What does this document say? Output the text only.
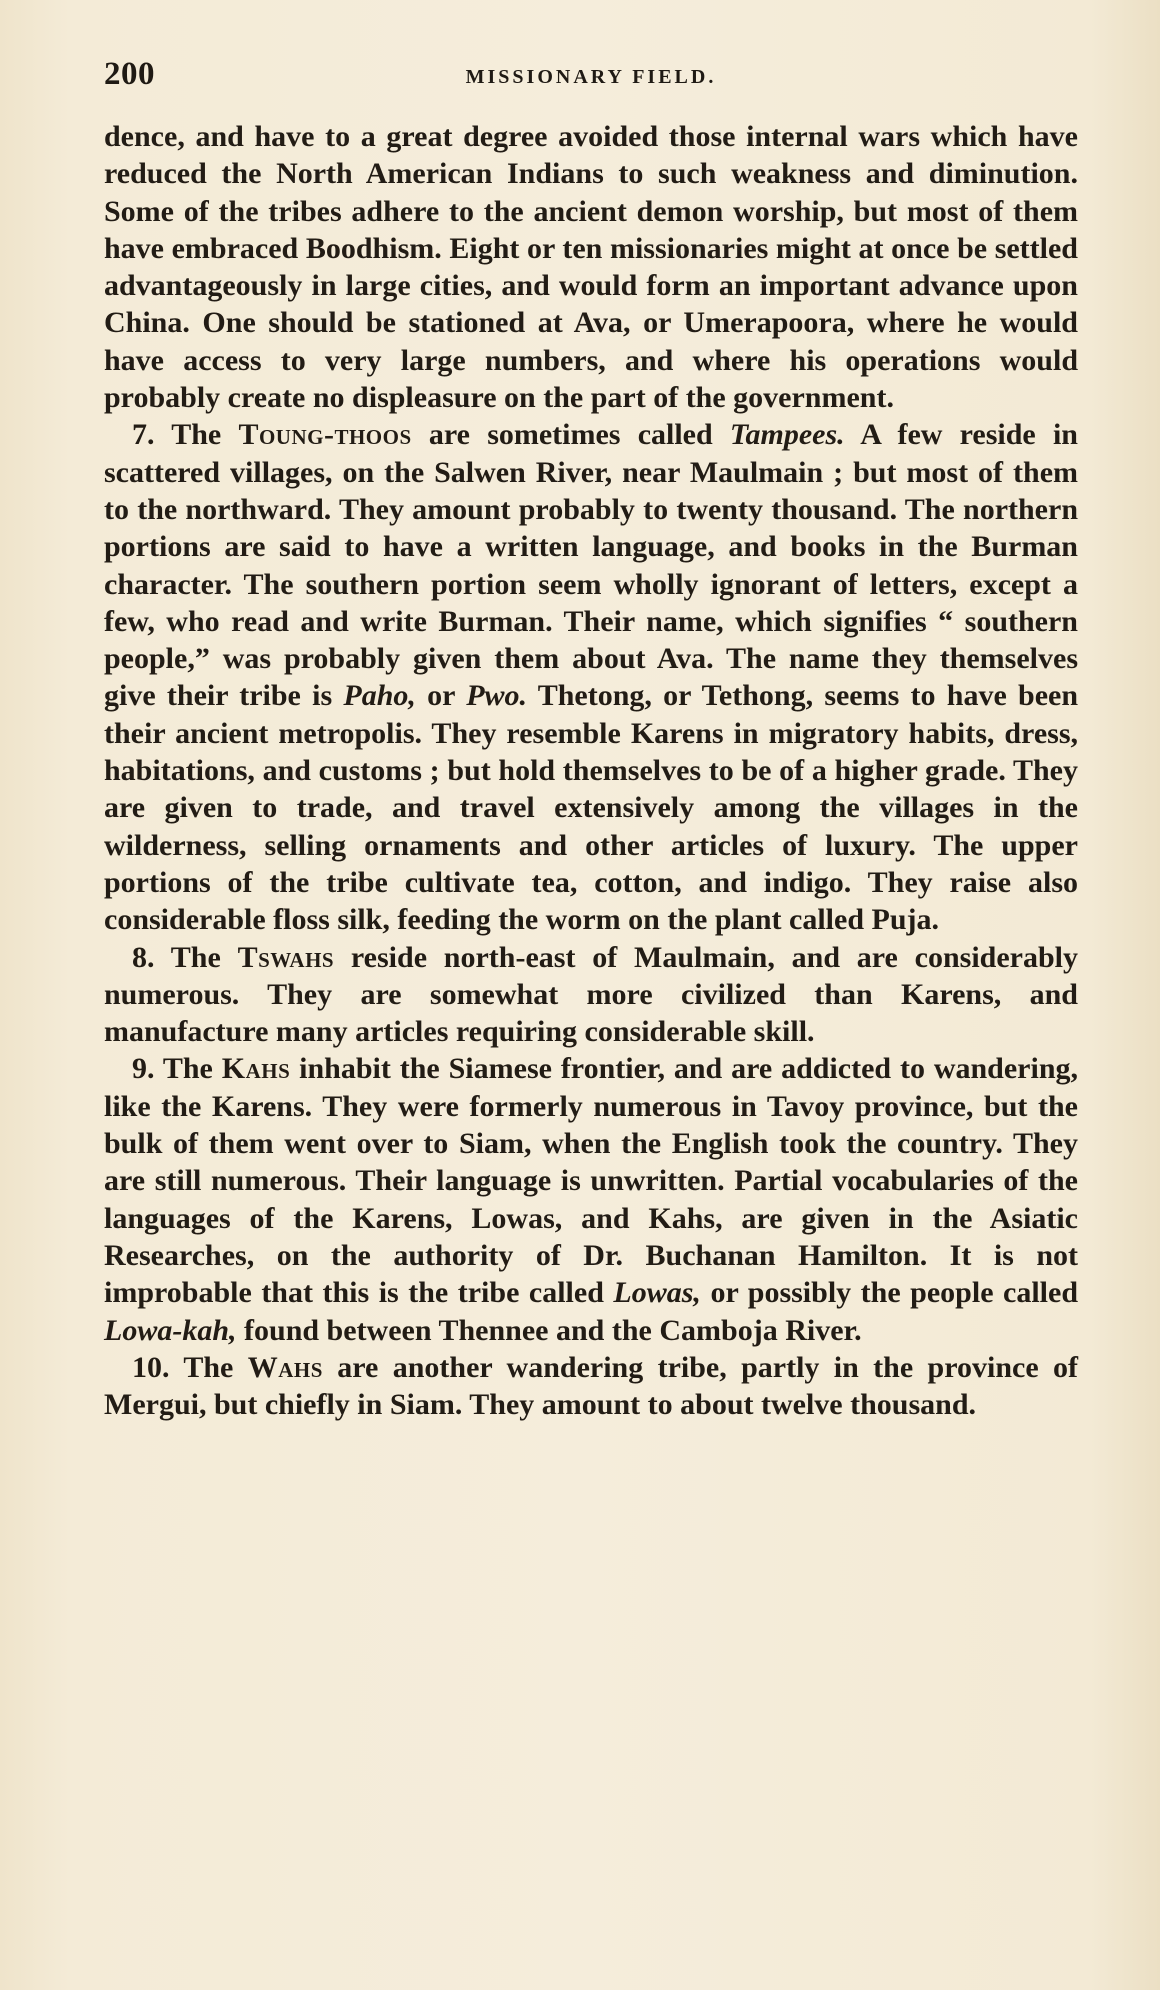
200	MISSIONARY FIELD.

dence, and have to a great degree avoided those internal wars which have reduced the North American Indians to such weakness and diminution. Some of the tribes adhere to the ancient demon worship, but most of them have embraced Boodhism. Eight or ten missionaries might at once be settled advantageously in large cities, and would form an important advance upon China. One should be stationed at Ava, or Umerapoora, where he would have access to very large numbers, and where his operations would probably create no displeasure on the part of the government.

7. The Toung-thoos are sometimes called Tampees. A few reside in scattered villages, on the Salwen River, near Maulmain ; but most of them to the northward. They amount probably to twenty thousand. The northern portions are said to have a written language, and books in the Burman character. The southern portion seem wholly ignorant of letters, except a few, who read and write Burman. Their name, which signifies “ southern people,” was probably given them about Ava. The name they themselves give their tribe is Paho, or Pwo. Thetong, or Tethong, seems to have been their ancient metropolis. They resemble Karens in migratory habits, dress, habitations, and customs ; but hold themselves to be of a higher grade. They are given to trade, and travel extensively among the villages in the wilderness, selling ornaments and other articles of luxury. The upper portions of the tribe cultivate tea, cotton, and indigo. They raise also considerable floss silk, feeding the worm on the plant called Puja.

8. The Tswahs reside north-east of Maulmain, and are considerably numerous. They are somewhat more civilized than Karens, and manufacture many articles requiring considerable skill.

9. The Kahs inhabit the Siamese frontier, and are addicted to wandering, like the Karens. They were formerly numerous in Tavoy province, but the bulk of them went over to Siam, when the English took the country. They are still numerous. Their language is unwritten. Partial vocabularies of the languages of the Karens, Lowas, and Kahs, are given in the Asiatic Researches, on the authority of Dr. Buchanan Hamilton. It is not improbable that this is the tribe called Lowas, or possibly the people called Lowa-kah, found between Thennee and the Camboja River.

10. The Wahs are another wandering tribe, partly in the province of Mergui, but chiefly in Siam. They amount to about twelve thousand.
